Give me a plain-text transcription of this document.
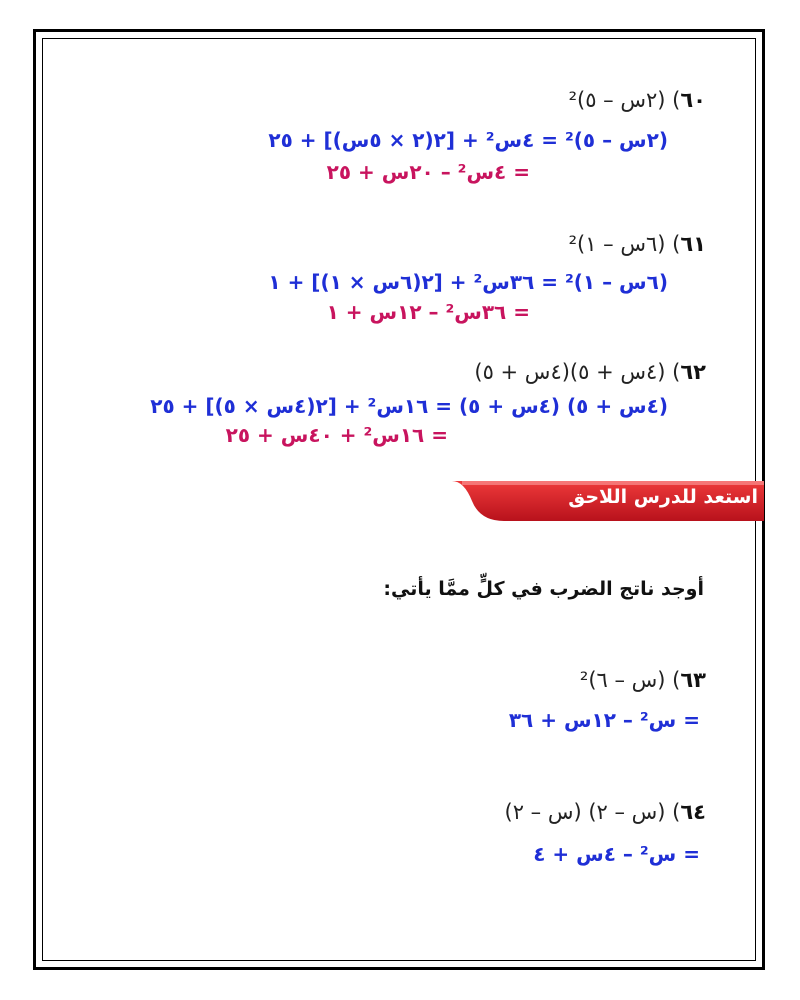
٦٠) (٢س – ٥)²
(٢س – ٥)² = ٤س² + [٢(٢ × ٥س)] + ٢٥
= ٤س² – ٢٠س + ٢٥
٦١) (٦س – ١)²
(٦س – ١)² = ٣٦س² + [٢(٦س × ١)] + ١
= ٣٦س² – ١٢س + ١
٦٢) (٤س + ٥)(٤س + ٥)
(٤س + ٥) (٤س + ٥) = ١٦س² + [٢(٤س × ٥)] + ٢٥
= ١٦س² + ٤٠س + ٢٥
استعد للدرس اللاحق
أوجد ناتج الضرب في كلٍّ ممَّا يأتي:
٦٣) (س – ٦)²
= س² – ١٢س + ٣٦
٦٤) (س – ٢) (س – ٢)
= س² – ٤س + ٤
